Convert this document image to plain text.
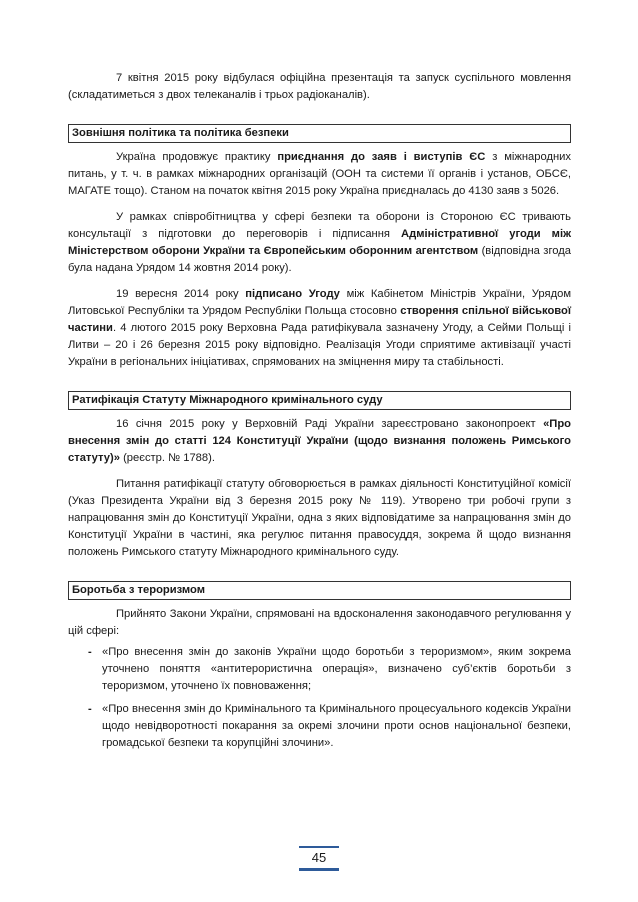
7 квітня 2015 року відбулася офіційна презентація та запуск суспільного мовлення (складатиметься з двох телеканалів і трьох радіоканалів).

Зовнішня політика та політика безпеки

Україна продовжує практику приєднання до заяв і виступів ЄС з міжнародних питань, у т. ч. в рамках міжнародних організацій (ООН та системи її органів і установ, ОБСЄ, МАГАТЕ тощо). Станом на початок квітня 2015 року Україна приєдналась до 4130 заяв з 5026.

У рамках співробітництва у сфері безпеки та оборони із Стороною ЄС тривають консультації з підготовки до переговорів і підписання Адміністративної угоди між Міністерством оборони України та Європейським оборонним агентством (відповідна згода була надана Урядом 14 жовтня 2014 року).

19 вересня 2014 року підписано Угоду між Кабінетом Міністрів України, Урядом Литовської Республіки та Урядом Республіки Польща стосовно створення спільної військової частини. 4 лютого 2015 року Верховна Рада ратифікувала зазначену Угоду, а Сейми Польщі і Литви – 20 і 26 березня 2015 року відповідно. Реалізація Угоди сприятиме активізації участі України в регіональних ініціативах, спрямованих на зміцнення миру та стабільності.

Ратифікація Статуту Міжнародного кримінального суду

16 січня 2015 року у Верховній Раді України зареєстровано законопроект «Про внесення змін до статті 124 Конституції України (щодо визнання положень Римського статуту)» (реєстр. № 1788).

Питання ратифікації статуту обговорюється в рамках діяльності Конституційної комісії (Указ Президента України від 3 березня 2015 року № 119). Утворено три робочі групи з напрацювання змін до Конституції України, одна з яких відповідатиме за напрацювання змін до Конституції України в частині, яка регулює питання правосуддя, зокрема й щодо визнання положень Римського статуту Міжнародного кримінального суду.

Боротьба з тероризмом

Прийнято Закони України, спрямовані на вдосконалення законодавчого регулювання у цій сфері:

- «Про внесення змін до законів України щодо боротьби з тероризмом», яким зокрема уточнено поняття «антитерористична операція», визначено суб’єктів боротьби з тероризмом, уточнено їх повноваження;
- «Про внесення змін до Кримінального та Кримінального процесуального кодексів України щодо невідворотності покарання за окремі злочини проти основ національної безпеки, громадської безпеки та корупційні злочини».
45
